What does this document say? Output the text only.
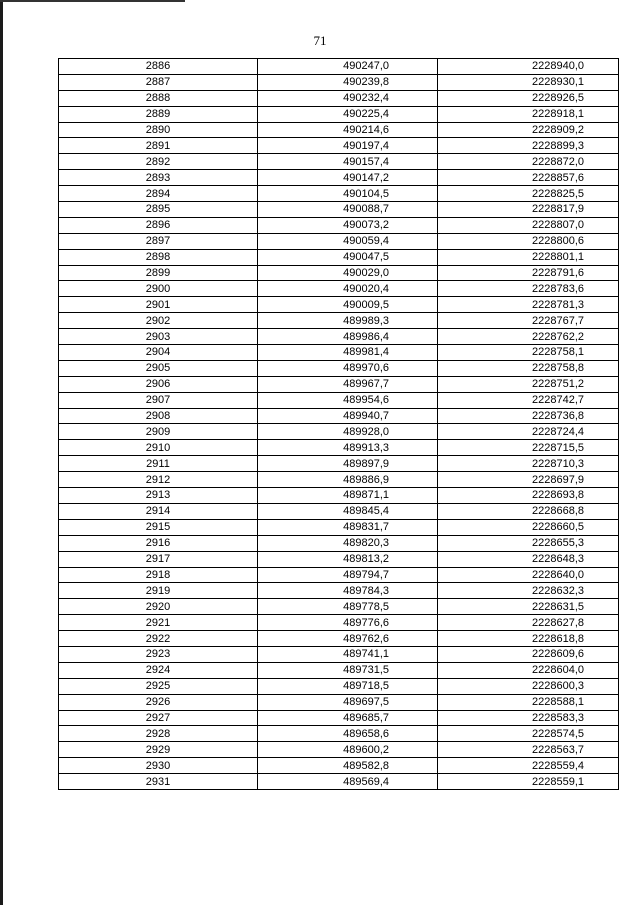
71
2886	490247,0	2228940,0
2887	490239,8	2228930,1
2888	490232,4	2228926,5
2889	490225,4	2228918,1
2890	490214,6	2228909,2
2891	490197,4	2228899,3
2892	490157,4	2228872,0
2893	490147,2	2228857,6
2894	490104,5	2228825,5
2895	490088,7	2228817,9
2896	490073,2	2228807,0
2897	490059,4	2228800,6
2898	490047,5	2228801,1
2899	490029,0	2228791,6
2900	490020,4	2228783,6
2901	490009,5	2228781,3
2902	489989,3	2228767,7
2903	489986,4	2228762,2
2904	489981,4	2228758,1
2905	489970,6	2228758,8
2906	489967,7	2228751,2
2907	489954,6	2228742,7
2908	489940,7	2228736,8
2909	489928,0	2228724,4
2910	489913,3	2228715,5
2911	489897,9	2228710,3
2912	489886,9	2228697,9
2913	489871,1	2228693,8
2914	489845,4	2228668,8
2915	489831,7	2228660,5
2916	489820,3	2228655,3
2917	489813,2	2228648,3
2918	489794,7	2228640,0
2919	489784,3	2228632,3
2920	489778,5	2228631,5
2921	489776,6	2228627,8
2922	489762,6	2228618,8
2923	489741,1	2228609,6
2924	489731,5	2228604,0
2925	489718,5	2228600,3
2926	489697,5	2228588,1
2927	489685,7	2228583,3
2928	489658,6	2228574,5
2929	489600,2	2228563,7
2930	489582,8	2228559,4
2931	489569,4	2228559,1
